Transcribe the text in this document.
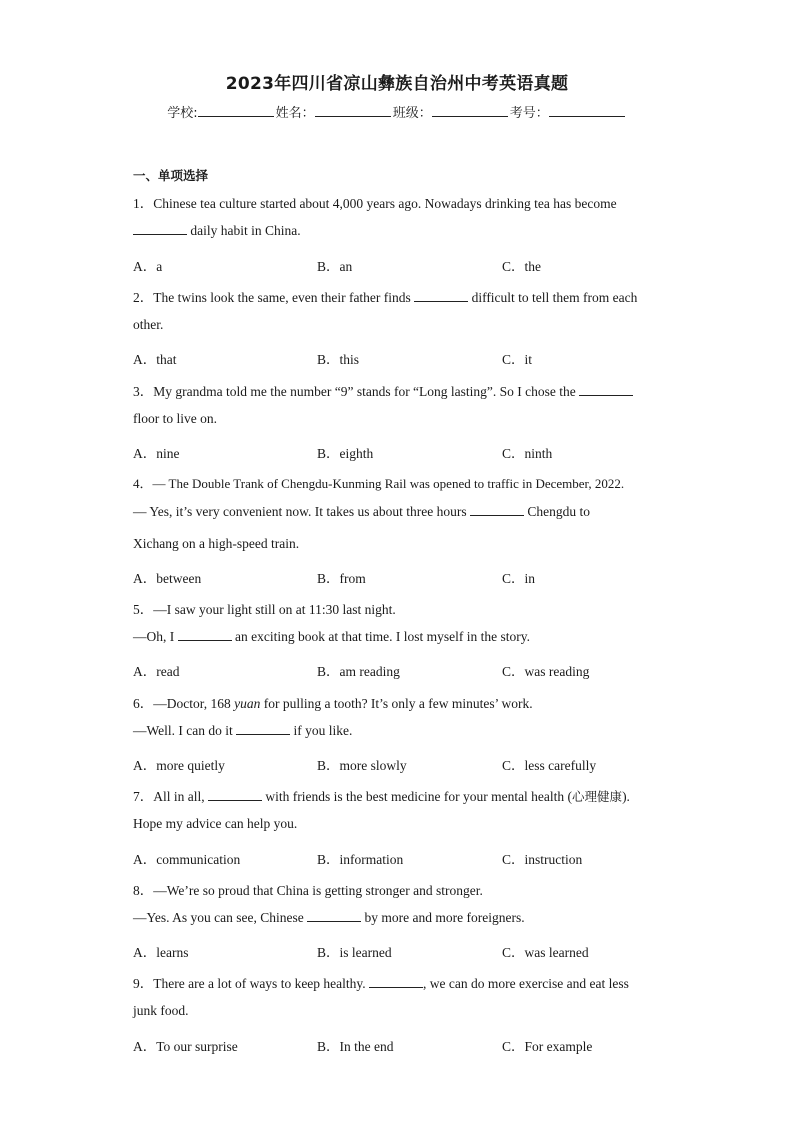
2023年四川省凉山彝族自治州中考英语真题
学校:	姓名：	班级：	考号：
一、单项选择
1．Chinese tea culture started about 4,000 years ago. Nowadays drinking tea has become
daily habit in China.
A．a	B．an	C．the
2．The twins look the same, even their father finds	difficult to tell them from each
other.
A．that	B．this	C．it
3．My grandma told me the number “9” stands for “Long lasting”. So I chose the
floor to live on.
A．nine	B．eighth	C．ninth
4．— The Double Trank of Chengdu-Kunming Rail was opened to traffic in December, 2022.
— Yes, it’s very convenient now. It takes us about three hours	Chengdu to
Xichang on a high-speed train.
A．between	B．from	C．in
5．—I saw your light still on at 11:30 last night.
—Oh, I	an exciting book at that time. I lost myself in the story.
A．read	B．am reading	C．was reading
6．—Doctor, 168 yuan for pulling a tooth? It’s only a few minutes’ work.
—Well. I can do it	if you like.
A．more quietly	B．more slowly	C．less carefully
7．All in all,	with friends is the best medicine for your mental health (心理健康).
Hope my advice can help you.
A．communication	B．information	C．instruction
8．—We’re so proud that China is getting stronger and stronger.
—Yes. As you can see, Chinese	by more and more foreigners.
A．learns	B．is learned	C．was learned
9．There are a lot of ways to keep healthy.	, we can do more exercise and eat less
junk food.
A．To our surprise	B．In the end	C．For example
